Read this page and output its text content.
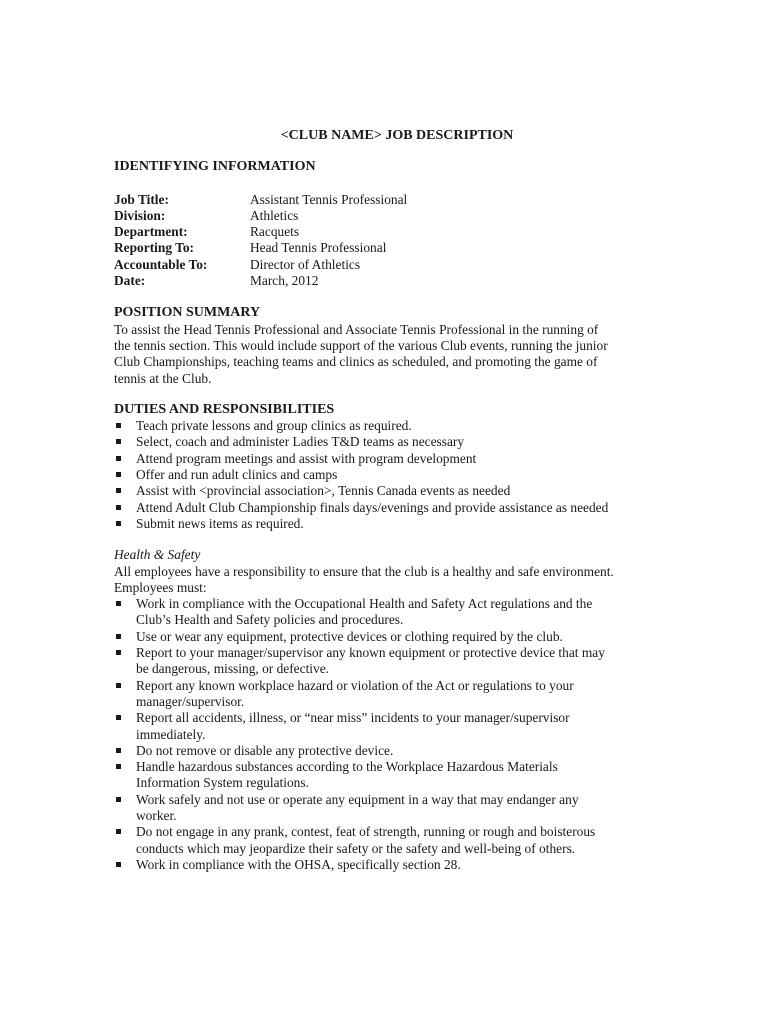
<CLUB NAME> JOB DESCRIPTION
IDENTIFYING INFORMATION
Job Title:	Assistant Tennis Professional
Division:	Athletics
Department:	Racquets
Reporting To:	Head Tennis Professional
Accountable To:	Director of Athletics
Date:	March, 2012
POSITION SUMMARY
To assist the Head Tennis Professional and Associate Tennis Professional in the running of
the tennis section. This would include support of the various Club events, running the junior
Club Championships, teaching teams and clinics as scheduled, and promoting the game of
tennis at the Club.
DUTIES AND RESPONSIBILITIES
Teach private lessons and group clinics as required.
Select, coach and administer Ladies T&D teams as necessary
Attend program meetings and assist with program development
Offer and run adult clinics and camps
Assist with <provincial association>, Tennis Canada events as needed
Attend Adult Club Championship finals days/evenings and provide assistance as needed
Submit news items as required.
Health & Safety
All employees have a responsibility to ensure that the club is a healthy and safe environment.
Employees must:
Work in compliance with the Occupational Health and Safety Act regulations and the
Club’s Health and Safety policies and procedures.
Use or wear any equipment, protective devices or clothing required by the club.
Report to your manager/supervisor any known equipment or protective device that may
be dangerous, missing, or defective.
Report any known workplace hazard or violation of the Act or regulations to your
manager/supervisor.
Report all accidents, illness, or “near miss” incidents to your manager/supervisor
immediately.
Do not remove or disable any protective device.
Handle hazardous substances according to the Workplace Hazardous Materials
Information System regulations.
Work safely and not use or operate any equipment in a way that may endanger any
worker.
Do not engage in any prank, contest, feat of strength, running or rough and boisterous
conducts which may jeopardize their safety or the safety and well-being of others.
Work in compliance with the OHSA, specifically section 28.
